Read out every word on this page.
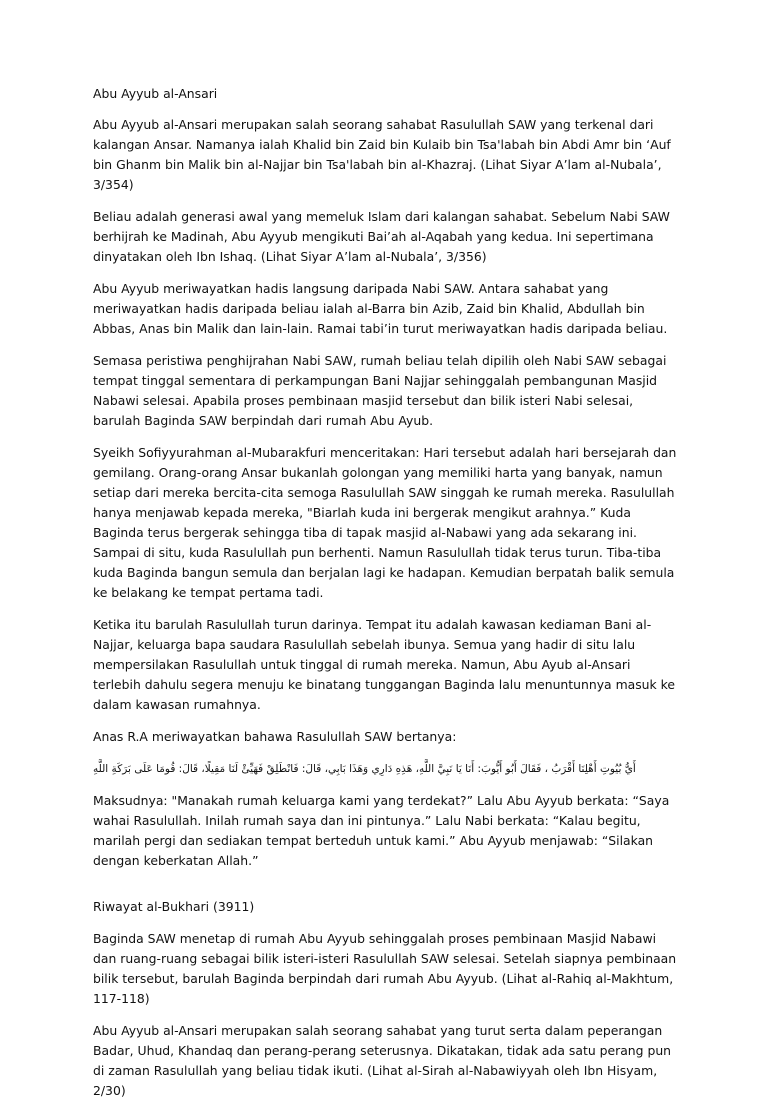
Abu Ayyub al-Ansari

Abu Ayyub al-Ansari merupakan salah seorang sahabat Rasulullah SAW yang terkenal dari kalangan Ansar. Namanya ialah Khalid bin Zaid bin Kulaib bin Tsa'labah bin Abdi Amr bin ‘Auf bin Ghanm bin Malik bin al-Najjar bin Tsa'labah bin al-Khazraj. (Lihat Siyar A’lam al-Nubala’, 3/354)

Beliau adalah generasi awal yang memeluk Islam dari kalangan sahabat. Sebelum Nabi SAW berhijrah ke Madinah, Abu Ayyub mengikuti Bai’ah al-Aqabah yang kedua. Ini sepertimana dinyatakan oleh Ibn Ishaq. (Lihat Siyar A’lam al-Nubala’, 3/356)

Abu Ayyub meriwayatkan hadis langsung daripada Nabi SAW. Antara sahabat yang meriwayatkan hadis daripada beliau ialah al-Barra bin Azib, Zaid bin Khalid, Abdullah bin Abbas, Anas bin Malik dan lain-lain. Ramai tabi’in turut meriwayatkan hadis daripada beliau.

Semasa peristiwa penghijrahan Nabi SAW, rumah beliau telah dipilih oleh Nabi SAW sebagai tempat tinggal sementara di perkampungan Bani Najjar sehinggalah pembangunan Masjid Nabawi selesai. Apabila proses pembinaan masjid tersebut dan bilik isteri Nabi selesai, barulah Baginda SAW berpindah dari rumah Abu Ayub.

Syeikh Sofiyyurahman al-Mubarakfuri menceritakan: Hari tersebut adalah hari bersejarah dan gemilang. Orang-orang Ansar bukanlah golongan yang memiliki harta yang banyak, namun setiap dari mereka bercita-cita semoga Rasulullah SAW singgah ke rumah mereka. Rasulullah hanya menjawab kepada mereka, "Biarlah kuda ini bergerak mengikut arahnya.” Kuda Baginda terus bergerak sehingga tiba di tapak masjid al-Nabawi yang ada sekarang ini. Sampai di situ, kuda Rasulullah pun berhenti. Namun Rasulullah tidak terus turun. Tiba-tiba kuda Baginda bangun semula dan berjalan lagi ke hadapan. Kemudian berpatah balik semula ke belakang ke tempat pertama tadi.

Ketika itu barulah Rasulullah turun darinya. Tempat itu adalah kawasan kediaman Bani al-Najjar, keluarga bapa saudara Rasulullah sebelah ibunya. Semua yang hadir di situ lalu mempersilakan Rasulullah untuk tinggal di rumah mereka. Namun, Abu Ayub al-Ansari terlebih dahulu segera menuju ke binatang tunggangan Baginda lalu menuntunnya masuk ke dalam kawasan rumahnya.

Anas R.A meriwayatkan bahawa Rasulullah SAW bertanya:

أَيُّ بُيُوتِ أَهْلِنَا أَقْرَبُ ، فَقَالَ أَبُو أَيُّوبَ: أَنَا يَا نَبِيَّ اللَّهِ، هَذِهِ دَارِي وَهَذَا بَابِي، قَالَ: فَانْطَلِقْ فَهَيِّئْ لَنَا مَقِيلًا، قَالَ: قُومَا عَلَى بَرَكَةِ اللَّهِ

Maksudnya: "Manakah rumah keluarga kami yang terdekat?” Lalu Abu Ayyub berkata: “Saya wahai Rasulullah. Inilah rumah saya dan ini pintunya.” Lalu Nabi berkata: “Kalau begitu, marilah pergi dan sediakan tempat berteduh untuk kami.” Abu Ayyub menjawab: “Silakan dengan keberkatan Allah.”

Riwayat al-Bukhari (3911)

Baginda SAW menetap di rumah Abu Ayyub sehinggalah proses pembinaan Masjid Nabawi dan ruang-ruang sebagai bilik isteri-isteri Rasulullah SAW selesai. Setelah siapnya pembinaan bilik tersebut, barulah Baginda berpindah dari rumah Abu Ayyub. (Lihat al-Rahiq al-Makhtum, 117-118)

Abu Ayyub al-Ansari merupakan salah seorang sahabat yang turut serta dalam peperangan Badar, Uhud, Khandaq dan perang-perang seterusnya. Dikatakan, tidak ada satu perang pun di zaman Rasulullah yang beliau tidak ikuti. (Lihat al-Sirah al-Nabawiyyah oleh Ibn Hisyam, 2/30)
